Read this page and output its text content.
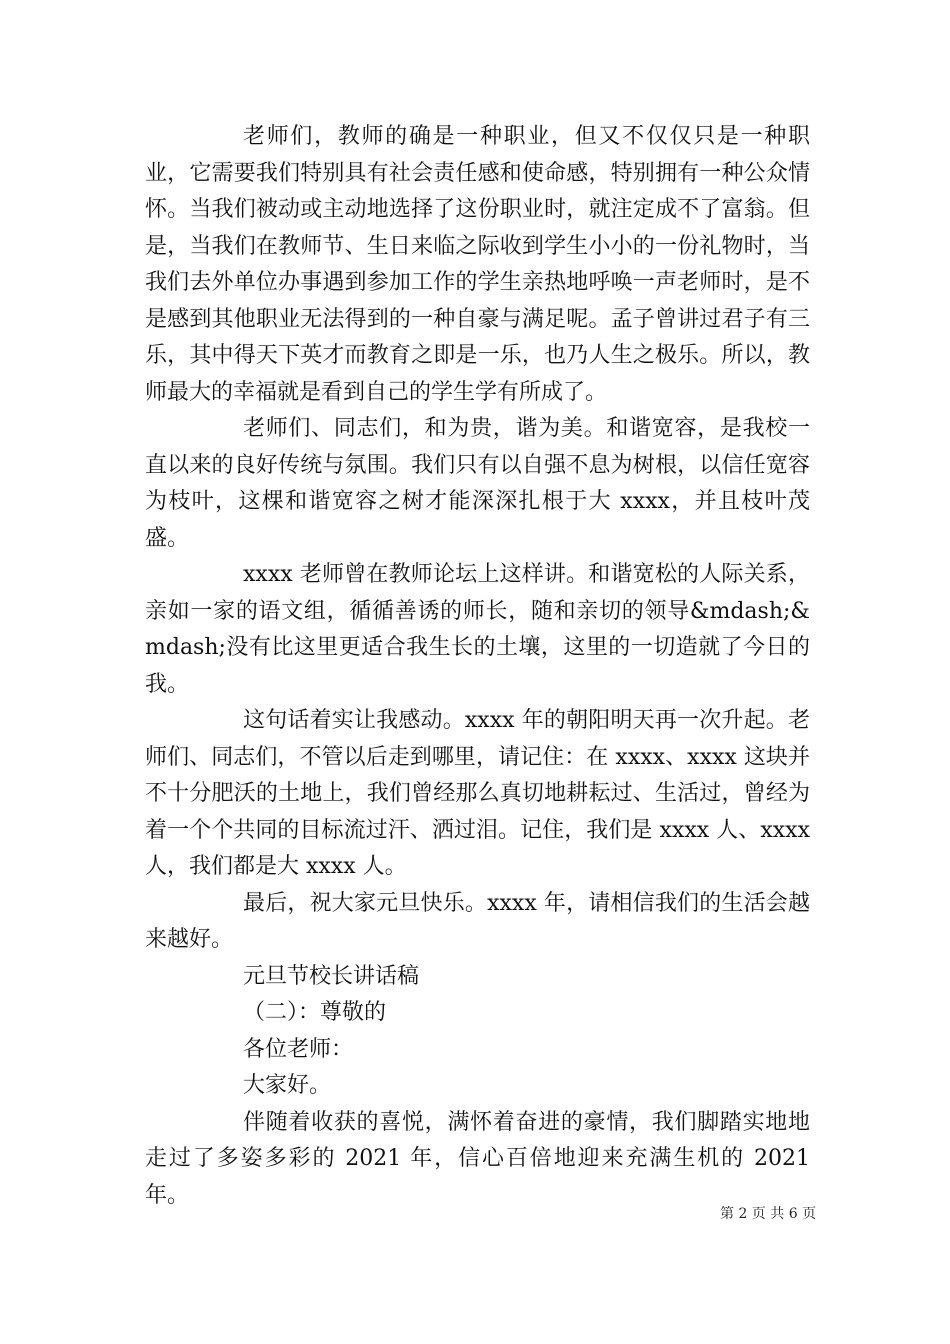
老师们，教师的确是一种职业，但又不仅仅只是一种职业，它需要我们特别具有社会责任感和使命感，特别拥有一种公众情怀。当我们被动或主动地选择了这份职业时，就注定成不了富翁。但是，当我们在教师节、生日来临之际收到学生小小的一份礼物时，当我们去外单位办事遇到参加工作的学生亲热地呼唤一声老师时，是不是感到其他职业无法得到的一种自豪与满足呢。孟子曾讲过君子有三乐，其中得天下英才而教育之即是一乐，也乃人生之极乐。所以，教师最大的幸福就是看到自己的学生学有所成了。

老师们、同志们，和为贵，谐为美。和谐宽容，是我校一直以来的良好传统与氛围。我们只有以自强不息为树根，以信任宽容为枝叶，这棵和谐宽容之树才能深深扎根于大 xxxx，并且枝叶茂盛。

xxxx 老师曾在教师论坛上这样讲。和谐宽松的人际关系，亲如一家的语文组，循循善诱的师长，随和亲切的领导&mdash;&mdash;没有比这里更适合我生长的土壤，这里的一切造就了今日的我。

这句话着实让我感动。xxxx 年的朝阳明天再一次升起。老师们、同志们，不管以后走到哪里，请记住：在 xxxx、xxxx 这块并不十分肥沃的土地上，我们曾经那么真切地耕耘过、生活过，曾经为着一个个共同的目标流过汗、洒过泪。记住，我们是 xxxx 人、xxxx 人，我们都是大 xxxx 人。

最后，祝大家元旦快乐。xxxx 年，请相信我们的生活会越来越好。

元旦节校长讲话稿

（二）：尊敬的

各位老师：

大家好。

伴随着收获的喜悦，满怀着奋进的豪情，我们脚踏实地地走过了多姿多彩的 2021 年，信心百倍地迎来充满生机的 2021 年。

第 2 页 共 6 页
